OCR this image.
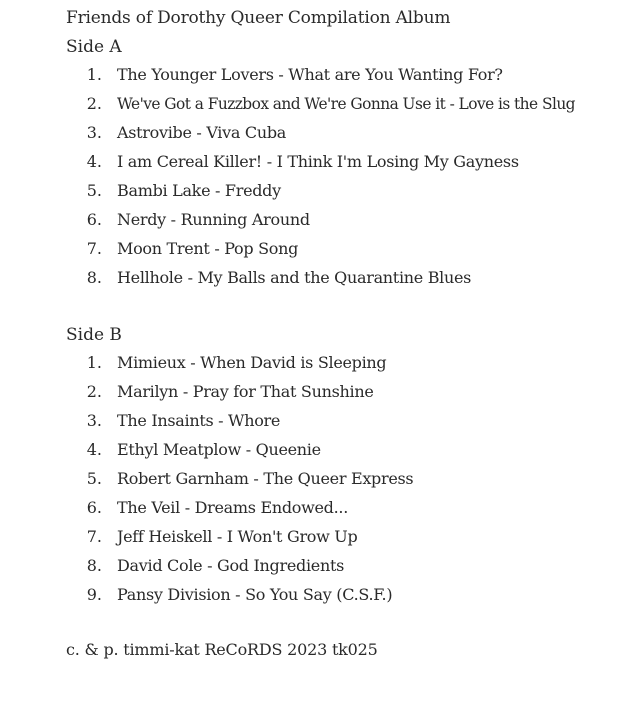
Friends of Dorothy Queer Compilation Album
Side A
1. The Younger Lovers - What are You Wanting For?
2. We've Got a Fuzzbox and We're Gonna Use it - Love is the Slug
3. Astrovibe - Viva Cuba
4. I am Cereal Killer! - I Think I'm Losing My Gayness
5. Bambi Lake - Freddy
6. Nerdy - Running Around
7. Moon Trent - Pop Song
8. Hellhole - My Balls and the Quarantine Blues
Side B
1. Mimieux - When David is Sleeping
2. Marilyn - Pray for That Sunshine
3. The Insaints - Whore
4. Ethyl Meatplow - Queenie
5. Robert Garnham - The Queer Express
6. The Veil - Dreams Endowed...
7. Jeff Heiskell - I Won't Grow Up
8. David Cole - God Ingredients
9. Pansy Division - So You Say (C.S.F.)
c. & p. timmi-kat ReCoRDS 2023 tk025
